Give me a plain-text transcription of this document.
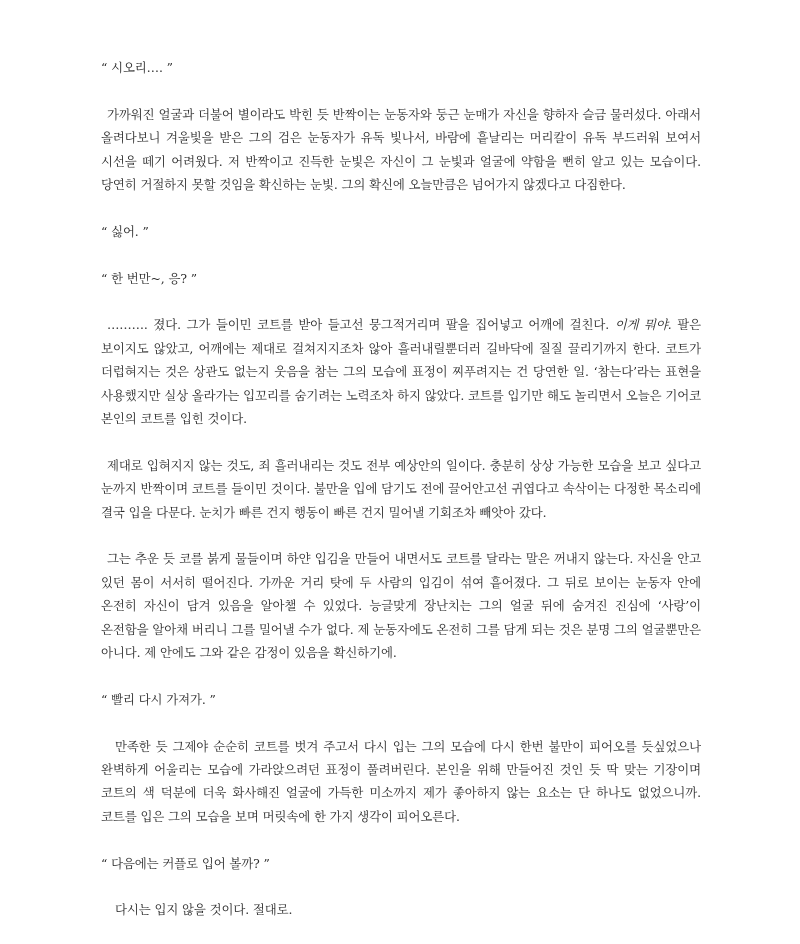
“ 시오리…. ”

가까워진 얼굴과 더불어 별이라도 박힌 듯 반짝이는 눈동자와 둥근 눈매가 자신을 향하자 슬금 물러섰다. 아래서 올려다보니 겨울빛을 받은 그의 검은 눈동자가 유독 빛나서, 바람에 흩날리는 머리칼이 유독 부드러워 보여서 시선을 떼기 어려웠다. 저 반짝이고 진득한 눈빛은 자신이 그 눈빛과 얼굴에 약함을 뻔히 알고 있는 모습이다. 당연히 거절하지 못할 것임을 확신하는 눈빛. 그의 확신에 오늘만큼은 넘어가지 않겠다고 다짐한다.

“ 싫어. ”

“ 한 번만~, 응? ”

………. 졌다. 그가 들이민 코트를 받아 들고선 뭉그적거리며 팔을 집어넣고 어깨에 걸친다. 이게 뭐야. 팔은 보이지도 않았고, 어깨에는 제대로 걸쳐지지조차 않아 흘러내릴뿐더러 길바닥에 질질 끌리기까지 한다. 코트가 더럽혀지는 것은 상관도 없는지 웃음을 참는 그의 모습에 표정이 찌푸려지는 건 당연한 일. ‘참는다’라는 표현을 사용했지만 실상 올라가는 입꼬리를 숨기려는 노력조차 하지 않았다. 코트를 입기만 해도 놀리면서 오늘은 기어코 본인의 코트를 입힌 것이다.

제대로 입혀지지 않는 것도, 죄 흘러내리는 것도 전부 예상안의 일이다. 충분히 상상 가능한 모습을 보고 싶다고 눈까지 반짝이며 코트를 들이민 것이다. 불만을 입에 담기도 전에 끌어안고선 귀엽다고 속삭이는 다정한 목소리에 결국 입을 다문다. 눈치가 빠른 건지 행동이 빠른 건지 밀어낼 기회조차 빼앗아 갔다.

그는 추운 듯 코를 붉게 물들이며 하얀 입김을 만들어 내면서도 코트를 달라는 말은 꺼내지 않는다. 자신을 안고 있던 몸이 서서히 떨어진다. 가까운 거리 탓에 두 사람의 입김이 섞여 흩어졌다. 그 뒤로 보이는 눈동자 안에 온전히 자신이 담겨 있음을 알아챌 수 있었다. 능글맞게 장난치는 그의 얼굴 뒤에 숨겨진 진심에 ‘사랑’이 온전함을 알아채 버리니 그를 밀어낼 수가 없다. 제 눈동자에도 온전히 그를 담게 되는 것은 분명 그의 얼굴뿐만은 아니다. 제 안에도 그와 같은 감정이 있음을 확신하기에.

“ 빨리 다시 가져가. ”

만족한 듯 그제야 순순히 코트를 벗겨 주고서 다시 입는 그의 모습에 다시 한번 불만이 피어오를 듯싶었으나 완벽하게 어울리는 모습에 가라앉으려던 표정이 풀려버린다. 본인을 위해 만들어진 것인 듯 딱 맞는 기장이며 코트의 색 덕분에 더욱 화사해진 얼굴에 가득한 미소까지 제가 좋아하지 않는 요소는 단 하나도 없었으니까. 코트를 입은 그의 모습을 보며 머릿속에 한 가지 생각이 피어오른다.

“ 다음에는 커플로 입어 볼까? ”

다시는 입지 않을 것이다. 절대로.
